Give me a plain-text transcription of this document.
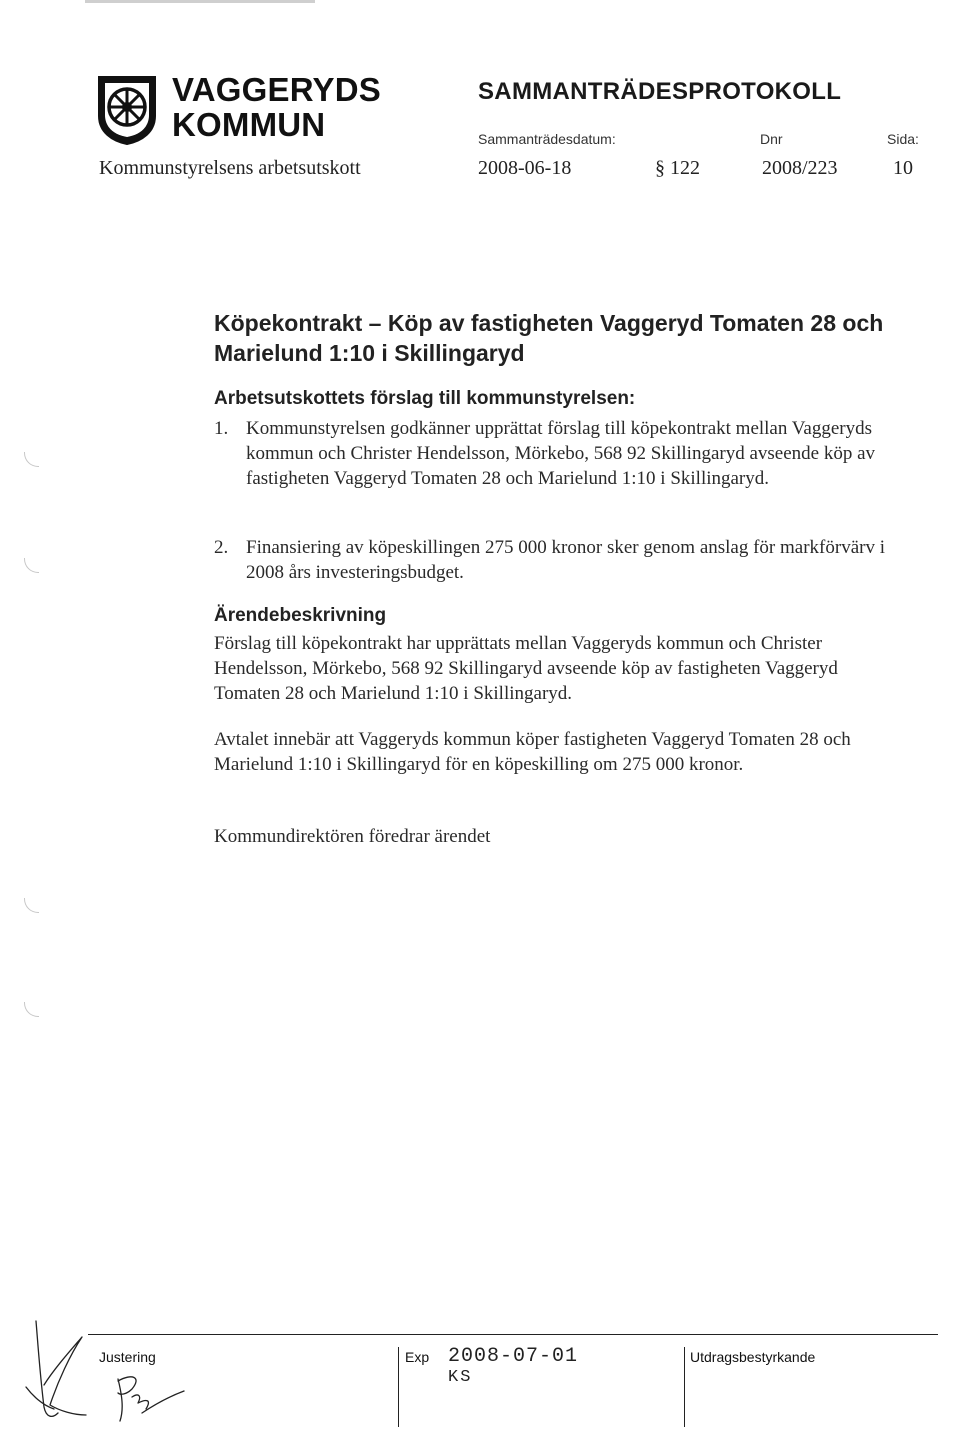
VAGGERYDS
KOMMUN
Kommunstyrelsens arbetsutskott
SAMMANTRÄDESPROTOKOLL
Sammanträdesdatum:	Dnr	Sida:
2008-06-18	§ 122	2008/223	10
Köpekontrakt – Köp av fastigheten Vaggeryd Tomaten 28 och Marielund 1:10 i Skillingaryd
Arbetsutskottets förslag till kommunstyrelsen:
1. Kommunstyrelsen godkänner upprättat förslag till köpekontrakt mellan Vaggeryds kommun och Christer Hendelsson, Mörkebo, 568 92 Skillingaryd avseende köp av fastigheten Vaggeryd Tomaten 28 och Marielund 1:10 i Skillingaryd.
2. Finansiering av köpeskillingen 275 000 kronor sker genom anslag för markförvärv i 2008 års investeringsbudget.
Ärendebeskrivning
Förslag till köpekontrakt har upprättats mellan Vaggeryds kommun och Christer Hendelsson, Mörkebo, 568 92 Skillingaryd avseende köp av fastigheten Vaggeryd Tomaten 28 och Marielund 1:10 i Skillingaryd.
Avtalet innebär att Vaggeryds kommun köper fastigheten Vaggeryd Tomaten 28 och Marielund 1:10 i Skillingaryd för en köpeskilling om 275 000 kronor.
Kommundirektören föredrar ärendet
Justering	Exp 2008-07-01
KS
Utdragsbestyrkande
